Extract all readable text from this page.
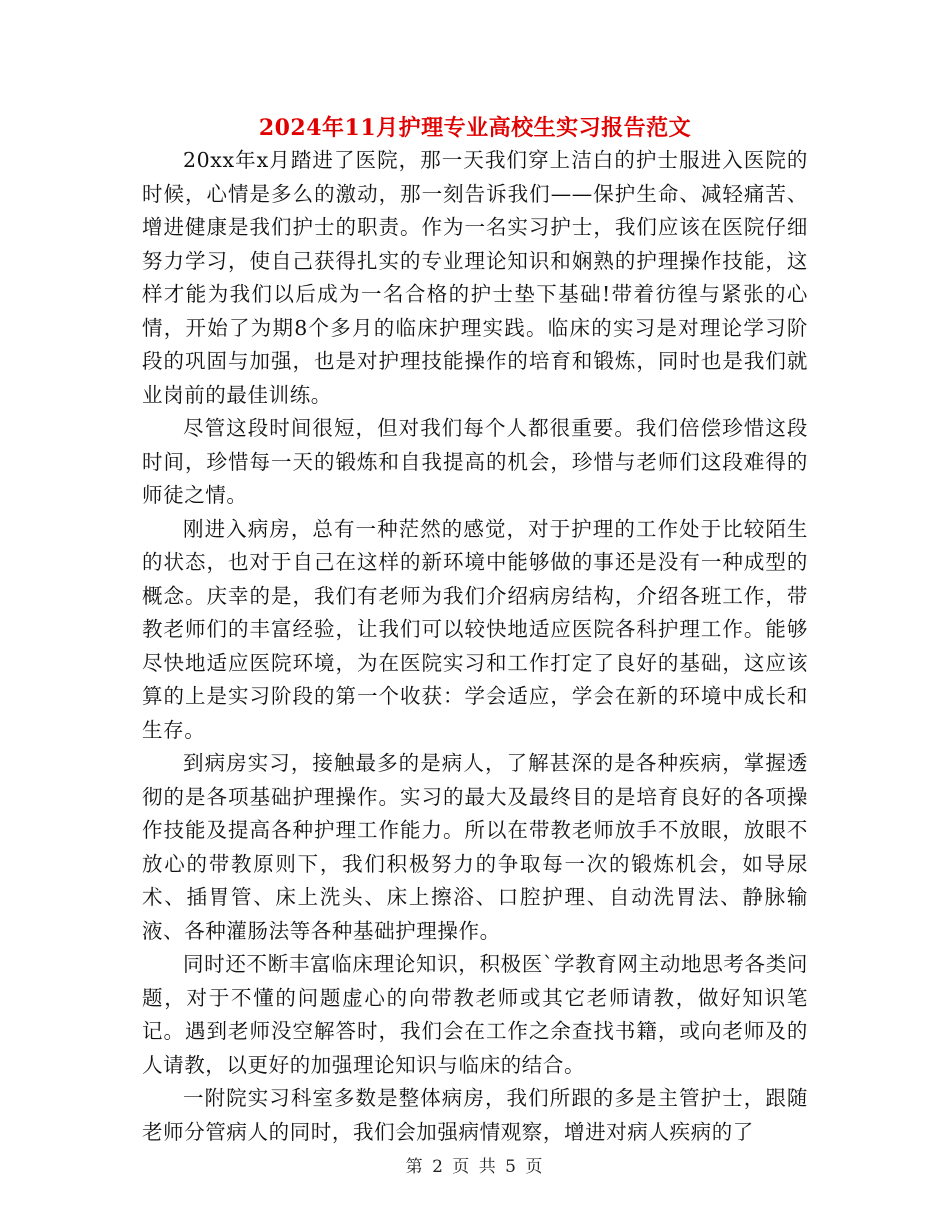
2024年11月护理专业高校生实习报告范文

20xx年x月踏进了医院，那一天我们穿上洁白的护士服进入医院的时候，心情是多么的激动，那一刻告诉我们——保护生命、减轻痛苦、增进健康是我们护士的职责。作为一名实习护士，我们应该在医院仔细努力学习，使自己获得扎实的专业理论知识和娴熟的护理操作技能，这样才能为我们以后成为一名合格的护士垫下基础!带着彷徨与紧张的心情，开始了为期8个多月的临床护理实践。临床的实习是对理论学习阶段的巩固与加强，也是对护理技能操作的培育和锻炼，同时也是我们就业岗前的最佳训练。

尽管这段时间很短，但对我们每个人都很重要。我们倍偿珍惜这段时间，珍惜每一天的锻炼和自我提高的机会，珍惜与老师们这段难得的师徒之情。

刚进入病房，总有一种茫然的感觉，对于护理的工作处于比较陌生的状态，也对于自己在这样的新环境中能够做的事还是没有一种成型的概念。庆幸的是，我们有老师为我们介绍病房结构，介绍各班工作，带教老师们的丰富经验，让我们可以较快地适应医院各科护理工作。能够尽快地适应医院环境，为在医院实习和工作打定了良好的基础，这应该算的上是实习阶段的第一个收获：学会适应，学会在新的环境中成长和生存。

到病房实习，接触最多的是病人，了解甚深的是各种疾病，掌握透彻的是各项基础护理操作。实习的最大及最终目的是培育良好的各项操作技能及提高各种护理工作能力。所以在带教老师放手不放眼，放眼不放心的带教原则下，我们积极努力的争取每一次的锻炼机会，如导尿术、插胃管、床上洗头、床上擦浴、口腔护理、自动洗胃法、静脉输液、各种灌肠法等各种基础护理操作。

同时还不断丰富临床理论知识，积极医`学教育网主动地思考各类问题，对于不懂的问题虚心的向带教老师或其它老师请教，做好知识笔记。遇到老师没空解答时，我们会在工作之余查找书籍，或向老师及的人请教，以更好的加强理论知识与临床的结合。

一附院实习科室多数是整体病房，我们所跟的多是主管护士，跟随老师分管病人的同时，我们会加强病情观察，增进对病人疾病的了

第 2 页 共 5 页
